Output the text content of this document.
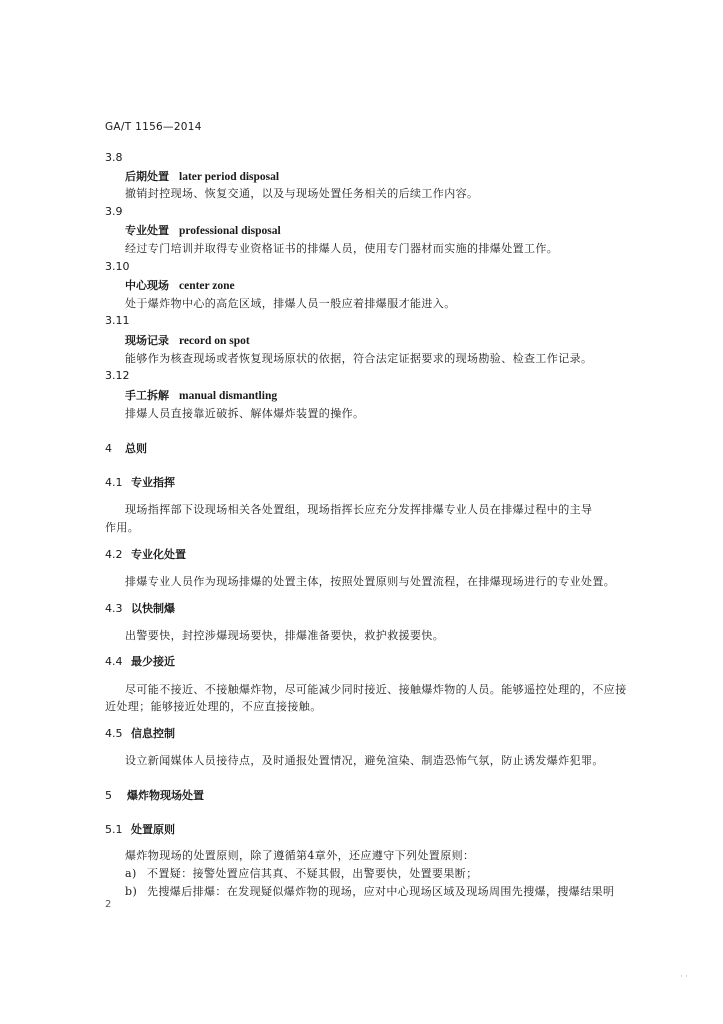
GA/T 1156—2014
3.8
后期处置 later period disposal
撤销封控现场、恢复交通，以及与现场处置任务相关的后续工作内容。
3.9
专业处置 professional disposal
经过专门培训并取得专业资格证书的排爆人员，使用专门器材而实施的排爆处置工作。
3.10
中心现场 center zone
处于爆炸物中心的高危区域，排爆人员一般应着排爆服才能进入。
3.11
现场记录 record on spot
能够作为核查现场或者恢复现场原状的依据，符合法定证据要求的现场勘验、检查工作记录。
3.12
手工拆解 manual dismantling
排爆人员直接靠近破拆、解体爆炸装置的操作。
4 总则
4.1 专业指挥
现场指挥部下设现场相关各处置组，现场指挥长应充分发挥排爆专业人员在排爆过程中的主导
作用。
4.2 专业化处置
排爆专业人员作为现场排爆的处置主体，按照处置原则与处置流程，在排爆现场进行的专业处置。
4.3 以快制爆
出警要快，封控涉爆现场要快，排爆准备要快，救护救援要快。
4.4 最少接近
尽可能不接近、不接触爆炸物，尽可能减少同时接近、接触爆炸物的人员。能够遥控处理的，不应接
近处理；能够接近处理的，不应直接接触。
4.5 信息控制
设立新闻媒体人员接待点，及时通报处置情况，避免渲染、制造恐怖气氛，防止诱发爆炸犯罪。
5 爆炸物现场处置
5.1 处置原则
爆炸物现场的处置原则，除了遵循第4章外，还应遵守下列处置原则：
a) 不置疑：接警处置应信其真、不疑其假，出警要快，处置要果断；
b) 先搜爆后排爆：在发现疑似爆炸物的现场，应对中心现场区域及现场周围先搜爆，搜爆结果明
2
· ·
